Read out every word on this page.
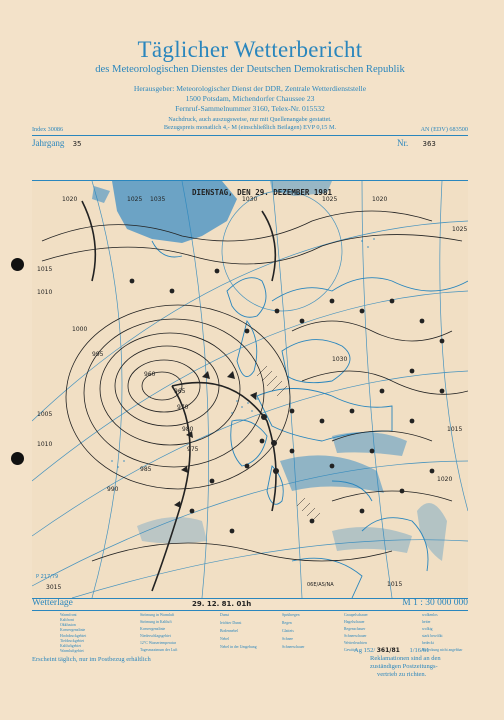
Täglicher Wetterbericht
des Meteorologischen Dienstes der Deutschen Demokratischen Republik
Herausgeber: Meteorologischer Dienst der DDR, Zentrale Wetterdienststelle
1500 Potsdam, Michendorfer Chaussee 23
Fernruf-Sammelnummer 3160, Telex-Nr. 015532
Nachdruck, auch auszugsweise, nur mit Quellenangabe gestattet.
Bezugspreis monatlich 4,- M (einschließlich Beilagen) EVP 0,15 M.
Index 30086	AN (EDV) 683500
Jahrgang 35	Nr. 363
DIENSTAG, DEN 29. DEZEMBER 1981
1020	1025 1035	1030	1025	1020
1015
1010
1005
1000
995
990
985
980
975
970
965
960
1025
1030
1015
1010
1020
1015
P 217/79
3015	06E/AS/NA
Wetterlage	29. 12. 81. 01h	M 1 : 30 000 000
Warmfront
Kaltfront
Okklusion
Konvergenzlinie
Hochdruckgebiet
Tiefdruckgebiet
Kaltluftgebiet
Warmluftgebiet
Strömung in Warmluft
Strömung in Kaltluft
Konvergenzlinie
Niederschlagsgebiet
12°C Wassertemperatur
Tagesmaximum der Luft
Dunst
leichter Dunst
Bodennebel
Nebel
Nebel in der Umgebung
Sprühregen
Regen
Glatteis
Schnee
Schneeschauer
Graupelschauer
Hagelschauer
Regenschauer
Schneeschauer
Wetterleuchten
Gewitter
wolkenlos
heiter
wolkig
stark bewölkt
bedeckt
Bedeckung nicht angebbar
Erscheint täglich, nur im Postbezug erhältlich
Ag 152/ 361/81 1/16/61
Reklamationen sind an den
zuständigen Postzeitungs-
vertrieb zu richten.
